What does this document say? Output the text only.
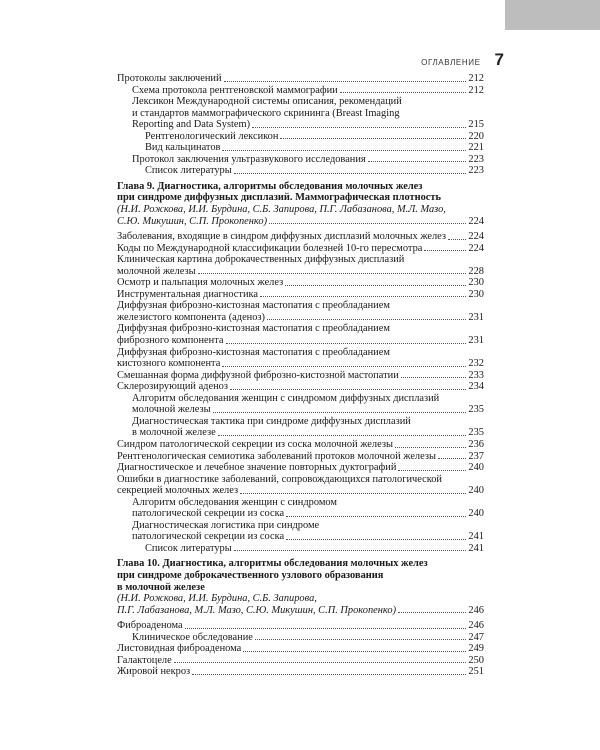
ОГЛАВЛЕНИЕ 7
Протоколы заключений	212
Схема протокола рентгеновской маммографии	212
Лексикон Международной системы описания, рекомендаций
и стандартов маммографического скрининга (Breast Imaging
Reporting and Data System)	215
Рентгенологический лексикон	220
Вид кальцинатов	221
Протокол заключения ультразвукового исследования	223
Список литературы	223
Глава 9. Диагностика, алгоритмы обследования молочных желез
при синдроме диффузных дисплазий. Маммографическая плотность
(Н.И. Рожкова, И.И. Бурдина, С.Б. Запирова, П.Г. Лабазанова, М.Л. Мазо,
С.Ю. Микушин, С.П. Прокопенко)	224
Заболевания, входящие в синдром диффузных дисплазий молочных желез 224
Коды по Международной классификации болезней 10-го пересмотра	224
Клиническая картина доброкачественных диффузных дисплазий
молочной железы	228
Осмотр и пальпация молочных желез	230
Инструментальная диагностика	230
Диффузная фиброзно-кистозная мастопатия с преобладанием
железистого компонента (аденоз)	231
Диффузная фиброзно-кистозная мастопатия с преобладанием
фиброзного компонента	231
Диффузная фиброзно-кистозная мастопатия с преобладанием
кистозного компонента	232
Смешанная форма диффузной фиброзно-кистозной мастопатии	233
Склерозирующий аденоз	234
Алгоритм обследования женщин с синдромом диффузных дисплазий
молочной железы	235
Диагностическая тактика при синдроме диффузных дисплазий
в молочной железе	235
Синдром патологической секреции из соска молочной железы	236
Рентгенологическая семиотика заболеваний протоков молочной железы	237
Диагностическое и лечебное значение повторных дуктографий	240
Ошибки в диагностике заболеваний, сопровождающихся патологической
секрецией молочных желез	240
Алгоритм обследования женщин с синдромом
патологической секреции из соска	240
Диагностическая логистика при синдроме
патологической секреции из соска	241
Список литературы	241
Глава 10. Диагностика, алгоритмы обследования молочных желез
при синдроме доброкачественного узлового образования
в молочной железе
(Н.И. Рожкова, И.И. Бурдина, С.Б. Запирова,
П.Г. Лабазанова, М.Л. Мазо, С.Ю. Микушин, С.П. Прокопенко)	246
Фиброаденома	246
Клиническое обследование	247
Листовидная фиброаденома	249
Галактоцеле	250
Жировой некроз	251
